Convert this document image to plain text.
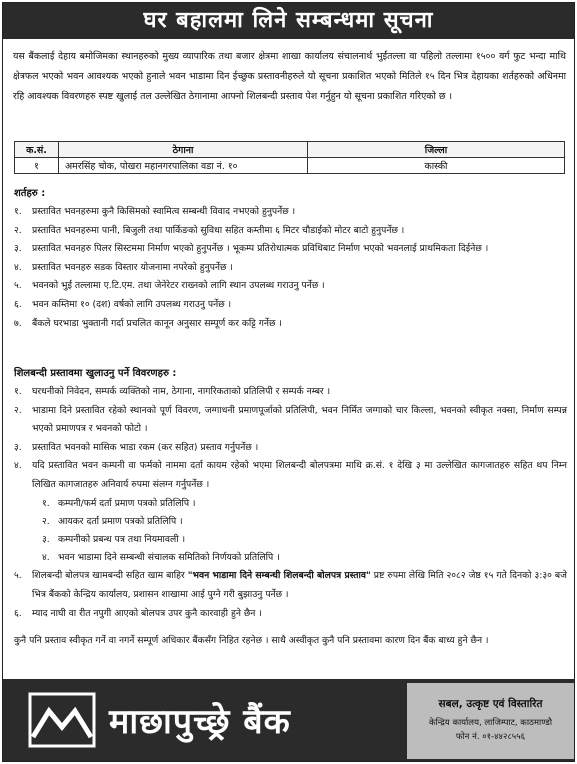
घर बहालमा लिने सम्बन्धमा सूचना

यस बैंकलाई देहाय बमोजिमका स्थानहरुको मुख्य व्यापारिक तथा बजार क्षेत्रमा शाखा कार्यालय संचालनार्थ भुईंतल्ला वा पहिलो तल्लामा १५०० वर्ग फुट भन्दा माथि क्षेत्रफल भएको भवन आवश्यक भएको हुनाले भवन भाडामा दिन ईच्छुक प्रस्तावनीहरुले यो सूचना प्रकाशित भएको मितिले १५ दिन भित्र देहायका शर्तहरुको अधिनमा रहि आवश्यक विवरणहरु स्पष्ट खुलाई तल उल्लेखित ठेगानामा आफ्नो शिलबन्दी प्रस्ताव पेश गर्नुहुन यो सूचना प्रकाशित गरिएको छ ।

क.सं.	ठेगाना	जिल्ला
१	अमरसिंह चोक, पोखरा महानगरपालिका वडा नं. १०	कास्की
शर्तहरु :
१.	प्रस्तावित भवनहरुमा कुनै किसिमको स्वामित्व सम्बन्धी विवाद नभएको हुनुपर्नेछ ।
२.	प्रस्तावित भवनहरुमा पानी, बिजुली तथा पार्किङको सुविधा सहित कम्तीमा ६ मिटर चौडाईको मोटर बाटो हुनुपर्नेछ ।
३.	प्रस्तावित भवनहरु पिलर सिस्टममा निर्माण भएको हुनुपर्नेछ । भूकम्प प्रतिरोधात्मक प्रविधिबाट निर्माण भएको भवनलाई प्राथमिकता दिईनेछ ।
४.	प्रस्तावित भवनहरु सडक विस्तार योजनामा नपरेको हुनुपर्नेछ ।
५.	भवनको भुई तल्लामा ए.टि.एम. तथा जेनेरेटर राख्नको लागि स्थान उपलब्ध गराउनु पर्नेछ ।
६.	भवन कम्तिमा १० (दश) वर्षको लागि उपलब्ध गराउनु पर्नेछ ।
७.	बैंकले घरभाडा भुक्तानी गर्दा प्रचलित कानून अनुसार सम्पूर्ण कर कट्टि गर्नेछ ।
शिलबन्दी प्रस्तावमा खुलाउनु पर्ने विवरणहरु :
१.	घरधनीको निवेदन, सम्पर्क व्यक्तिको नाम, ठेगाना, नागरिकताको प्रतिलिपी र सम्पर्क नम्बर ।
२.	भाडामा दिने प्रस्तावित रहेको स्थानको पूर्ण विवरण, जग्गाधनी प्रमाणपूर्जाको प्रतिलिपी, भवन निर्मित जग्गाको चार किल्ला, भवनको स्वीकृत नक्सा, निर्माण सम्पन्न भएको प्रमाणपत्र र भवनको फोटो ।
३.	प्रस्तावित भवनको मासिक भाडा रकम (कर सहित) प्रस्ताव गर्नुपर्नेछ ।
४.	यदि प्रस्तावित भवन कम्पनी वा फर्मको नाममा दर्ता कायम रहेको भएमा शिलबन्दी बोलपत्रमा माथि क्र.सं. १ देखि ३ मा उल्लेखित कागजातहरु सहित थप निम्न लिखित कागजातहरु अनिवार्य रुपमा संलग्न गर्नुपर्नेछ ।
१. कम्पनी/फर्म दर्ता प्रमाण पत्रको प्रतिलिपि ।
२. आयकर दर्ता प्रमाण पत्रको प्रतिलिपि ।
३. कम्पनीको प्रबन्ध पत्र तथा नियमावली ।
४. भवन भाडामा दिने सम्बन्धी संचालक समितिको निर्णयको प्रतिलिपि ।
५.	शिलबन्दी बोलपत्र खामबन्दी सहित खाम बाहिर "भवन भाडामा दिने सम्बन्धी शिलबन्दी बोलपत्र प्रस्ताव" प्रष्ट रुपमा लेखि मिति २०८२ जेष्ठ १५ गते दिनको ३:३० बजे भित्र बैंकको केन्द्रिय कार्यालय, प्रशासन शाखामा आई पुग्ने गरी बुझाउनु पर्नेछ ।
६.	म्याद नाघी वा रीत नपुगी आएको बोलपत्र उपर कुनै कारवाही हुने छैन ।

कुनै पनि प्रस्ताव स्वीकृत गर्ने वा नगर्ने सम्पूर्ण अधिकार बैंकसँग निहित रहनेछ । साथै अस्वीकृत कुनै पनि प्रस्तावमा कारण दिन बैंक बाध्य हुने छैन ।

माछापुच्छ्रे बैंक	सबल, उत्कृष्ट एवं विस्तारित
केन्द्रिय कार्यालय, लाजिम्पाट, काठमाण्डौ
फोन नं. ०१-४४२८५५६
